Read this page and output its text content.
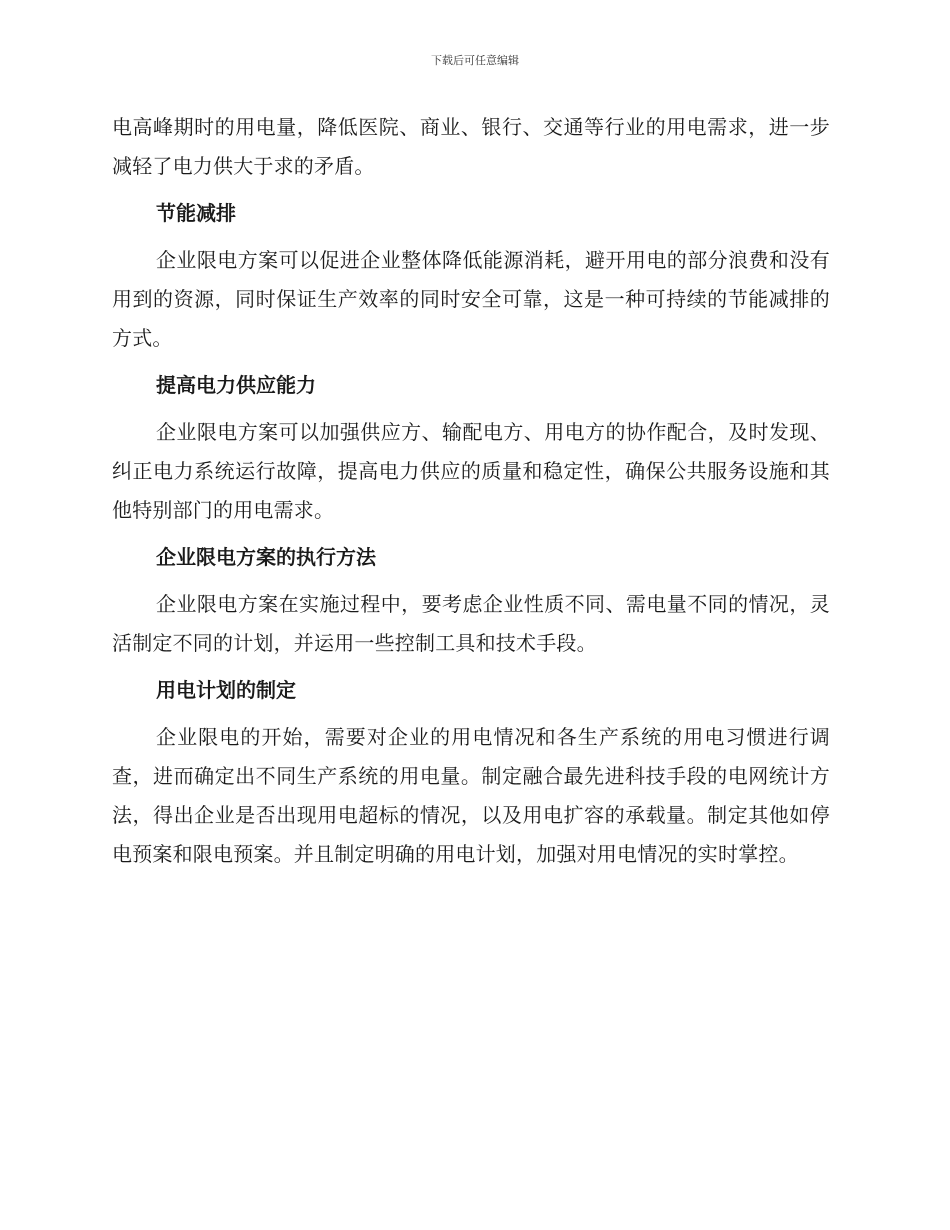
下载后可任意编辑

电高峰期时的用电量，降低医院、商业、银行、交通等行业的用电需求，进一步减轻了电力供大于求的矛盾。

节能减排

企业限电方案可以促进企业整体降低能源消耗，避开用电的部分浪费和没有用到的资源，同时保证生产效率的同时安全可靠，这是一种可持续的节能减排的方式。

提高电力供应能力

企业限电方案可以加强供应方、输配电方、用电方的协作配合，及时发现、纠正电力系统运行故障，提高电力供应的质量和稳定性，确保公共服务设施和其他特别部门的用电需求。

企业限电方案的执行方法

企业限电方案在实施过程中，要考虑企业性质不同、需电量不同的情况，灵活制定不同的计划，并运用一些控制工具和技术手段。

用电计划的制定

企业限电的开始，需要对企业的用电情况和各生产系统的用电习惯进行调查，进而确定出不同生产系统的用电量。制定融合最先进科技手段的电网统计方法，得出企业是否出现用电超标的情况，以及用电扩容的承载量。制定其他如停电预案和限电预案。并且制定明确的用电计划，加强对用电情况的实时掌控。
